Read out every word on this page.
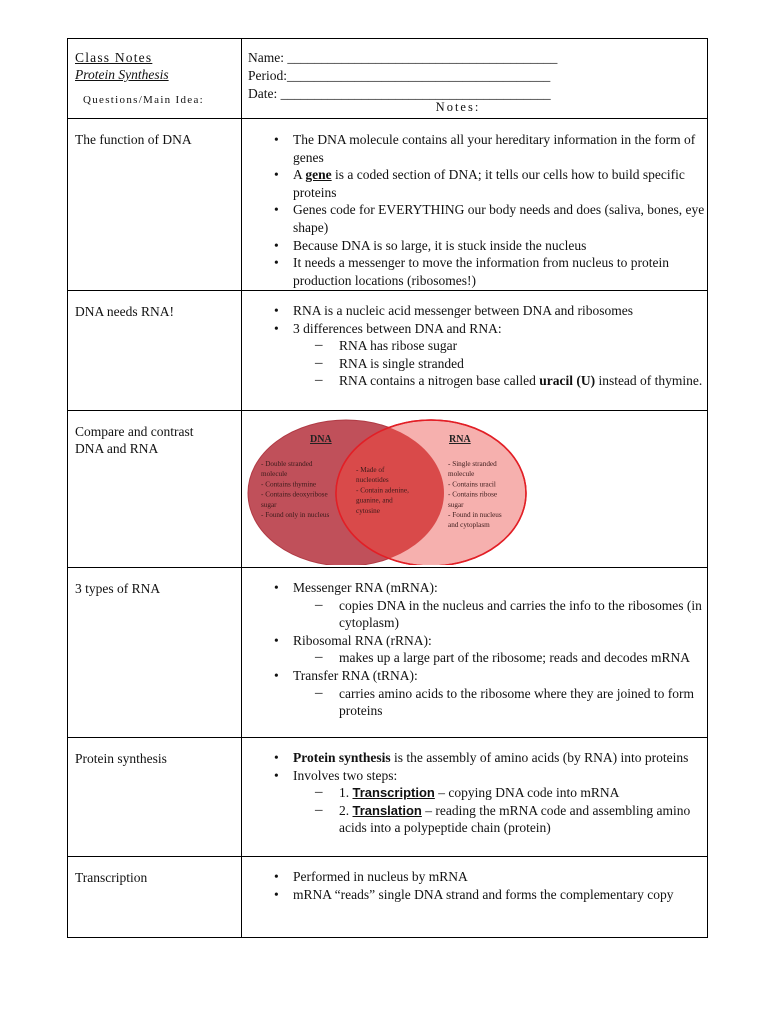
Class Notes
Protein Synthesis
Questions/Main Idea:
Name: ________________________________________
Period:_______________________________________
Date: ________________________________________
Notes:
The function of DNA	• The DNA molecule contains all your hereditary information in the form of genes
• A gene is a coded section of DNA; it tells our cells how to build specific proteins
• Genes code for EVERYTHING our body needs and does (saliva, bones, eye shape)
• Because DNA is so large, it is stuck inside the nucleus
• It needs a messenger to move the information from nucleus to protein production locations (ribosomes!)
DNA needs RNA!	• RNA is a nucleic acid messenger between DNA and ribosomes
• 3 differences between DNA and RNA:
– RNA has ribose sugar
– RNA is single stranded
– RNA contains a nitrogen base called uracil (U) instead of thymine.
Compare and contrast DNA and RNA
DNA	RNA
- Double stranded
molecule
- Contains thymine
- Contains deoxyribose
sugar
- Found only in nucleus
- Made of
nucleotides
- Contain adenine,
guanine, and
cytosine
- Single stranded
molecule
- Contains uracil
- Contains ribose
sugar
- Found in nucleus
and cytoplasm
3 types of RNA	• Messenger RNA (mRNA):
– copies DNA in the nucleus and carries the info to the ribosomes (in cytoplasm)
• Ribosomal RNA (rRNA):
– makes up a large part of the ribosome; reads and decodes mRNA
• Transfer RNA (tRNA):
– carries amino acids to the ribosome where they are joined to form proteins
Protein synthesis	• Protein synthesis is the assembly of amino acids (by RNA) into proteins
• Involves two steps:
– 1. Transcription – copying DNA code into mRNA
– 2. Translation – reading the mRNA code and assembling amino acids into a polypeptide chain (protein)
Transcription	• Performed in nucleus by mRNA
• mRNA “reads” single DNA strand and forms the complementary copy
